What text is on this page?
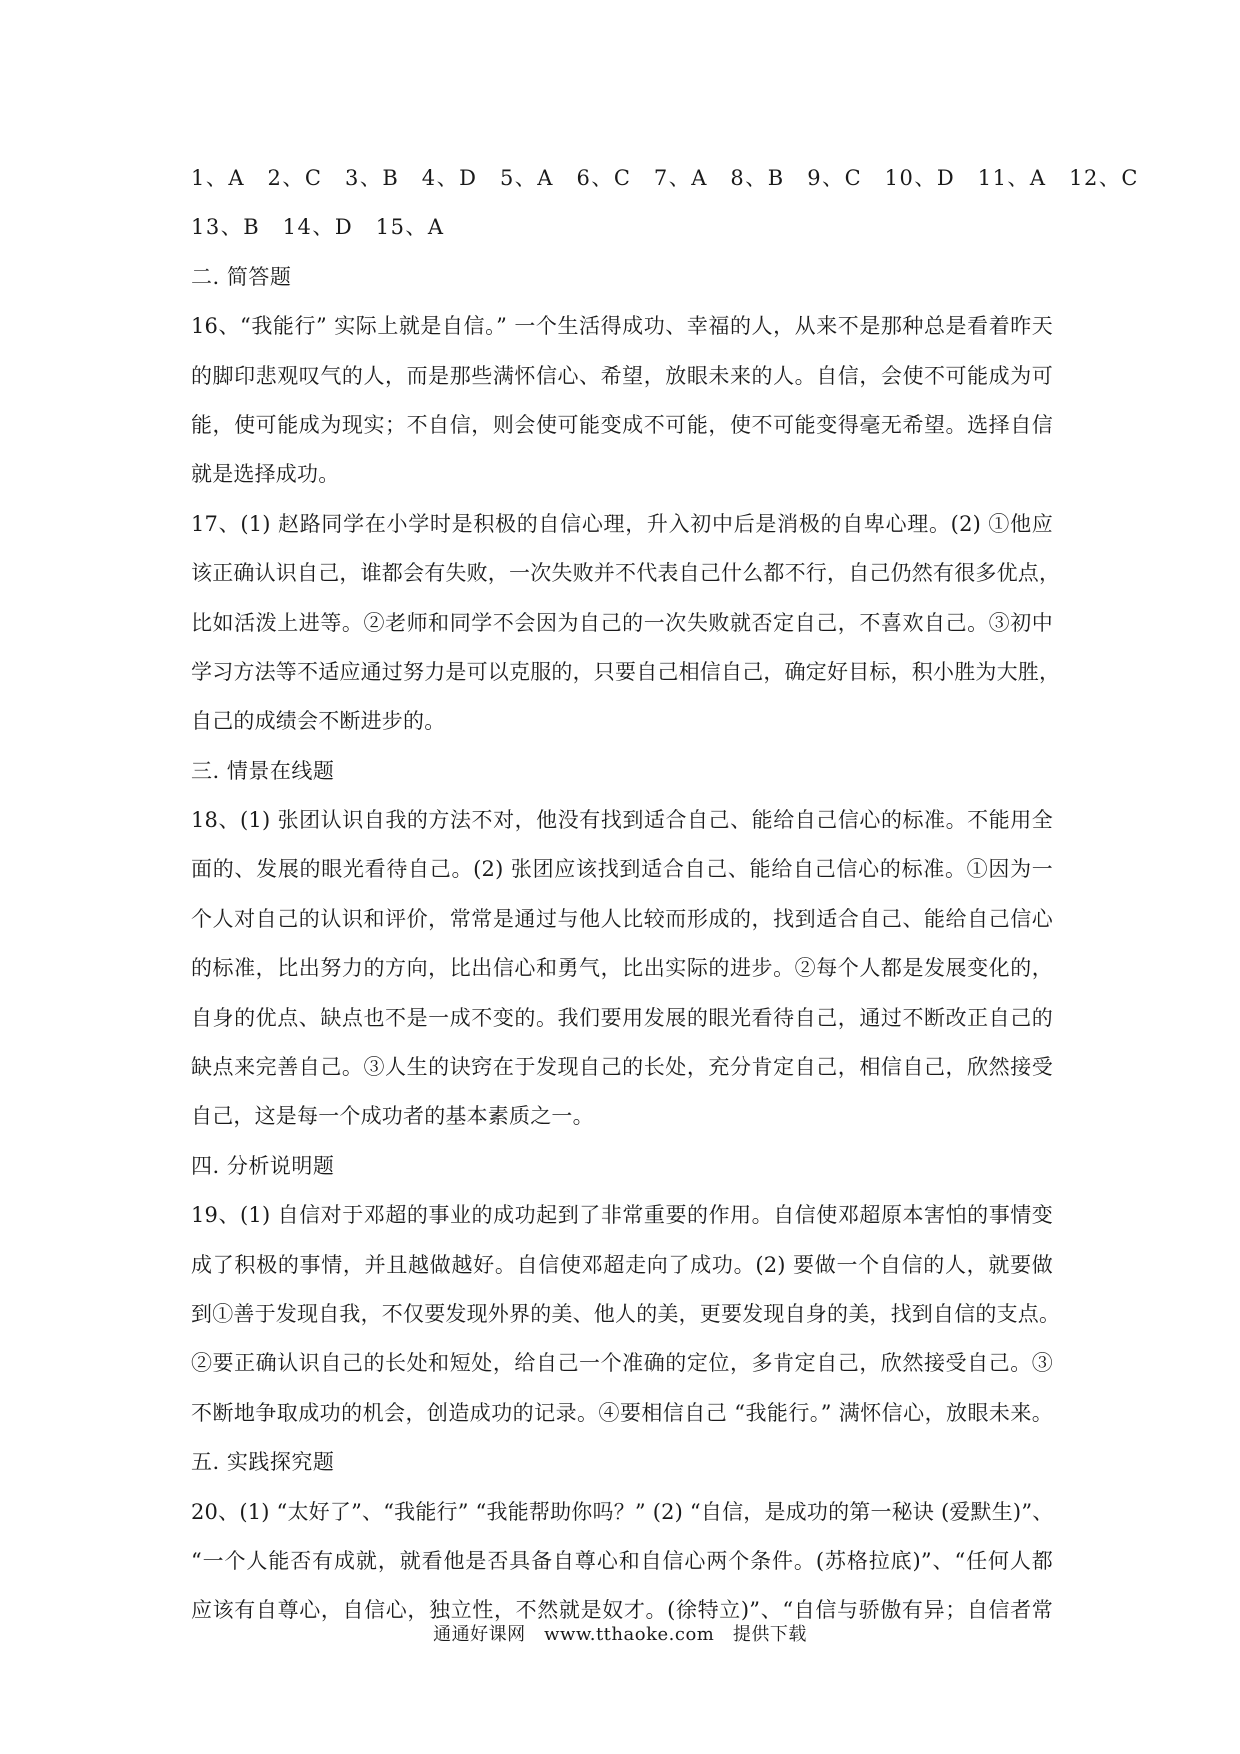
1、A　2、C　3、B　4、D　5、A　6、C　7、A　8、B　9、C　10、D　11、A　12、C
13、B　14、D　15、A
二. 简答题
16、“我能行” 实际上就是自信。” 一个生活得成功、幸福的人，从来不是那种总是看着昨天
的脚印悲观叹气的人，而是那些满怀信心、希望，放眼未来的人。自信，会使不可能成为可
能，使可能成为现实；不自信，则会使可能变成不可能，使不可能变得毫无希望。选择自信
就是选择成功。
17、(1) 赵路同学在小学时是积极的自信心理，升入初中后是消极的自卑心理。(2) ①他应
该正确认识自己，谁都会有失败，一次失败并不代表自己什么都不行，自己仍然有很多优点，
比如活泼上进等。②老师和同学不会因为自己的一次失败就否定自己，不喜欢自己。③初中
学习方法等不适应通过努力是可以克服的，只要自己相信自己，确定好目标，积小胜为大胜，
自己的成绩会不断进步的。
三. 情景在线题
18、(1) 张团认识自我的方法不对，他没有找到适合自己、能给自己信心的标准。不能用全
面的、发展的眼光看待自己。(2) 张团应该找到适合自己、能给自己信心的标准。①因为一
个人对自己的认识和评价，常常是通过与他人比较而形成的，找到适合自己、能给自己信心
的标准，比出努力的方向，比出信心和勇气，比出实际的进步。②每个人都是发展变化的，
自身的优点、缺点也不是一成不变的。我们要用发展的眼光看待自己，通过不断改正自己的
缺点来完善自己。③人生的诀窍在于发现自己的长处，充分肯定自己，相信自己，欣然接受
自己，这是每一个成功者的基本素质之一。
四. 分析说明题
19、(1) 自信对于邓超的事业的成功起到了非常重要的作用。自信使邓超原本害怕的事情变
成了积极的事情，并且越做越好。自信使邓超走向了成功。(2) 要做一个自信的人，就要做
到①善于发现自我，不仅要发现外界的美、他人的美，更要发现自身的美，找到自信的支点。
②要正确认识自己的长处和短处，给自己一个准确的定位，多肯定自己，欣然接受自己。③
不断地争取成功的机会，创造成功的记录。④要相信自己 “我能行。” 满怀信心，放眼未来。
五. 实践探究题
20、(1) “太好了”、“我能行” “我能帮助你吗？” (2) “自信，是成功的第一秘诀 (爱默生)”、
“一个人能否有成就，就看他是否具备自尊心和自信心两个条件。(苏格拉底)”、“任何人都
应该有自尊心，自信心，独立性，不然就是奴才。(徐特立)”、“自信与骄傲有异；自信者常
通通好课网　www.tthaoke.com　提供下载
